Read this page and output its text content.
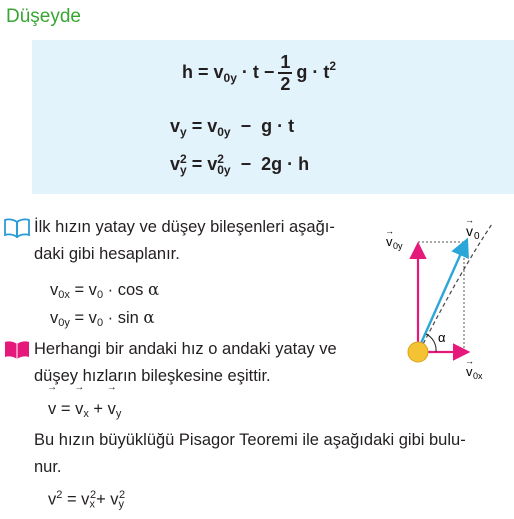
Düşeyde
$h = v_{0y} \cdot t - \frac{1}{2}$ $g \cdot t^2$
$v_y = v_{0y} - g \cdot t$
v 2
y = v 2
0y −  2g · h
İlk hızın yatay ve düşey bileşenleri aşağı-
daki gibi hesaplanır.
$v_{0x} = v_0 \cdot \cos \alpha$
$v_{0y} = v_0 \cdot \sin \alpha$
Herhangi bir andaki hız o andaki yatay ve
düşey hızların bileşkesine eşittir.
→ v = → $v_x$ + → $v_y$
Bu hızın büyüklüğü Pisagor Teoremi ile aşağıdaki gibi bulu-
nur.
$v^2 = v_x^2+ v_y^2$
α
v 0
→
v 0y
→
v 0x
→
